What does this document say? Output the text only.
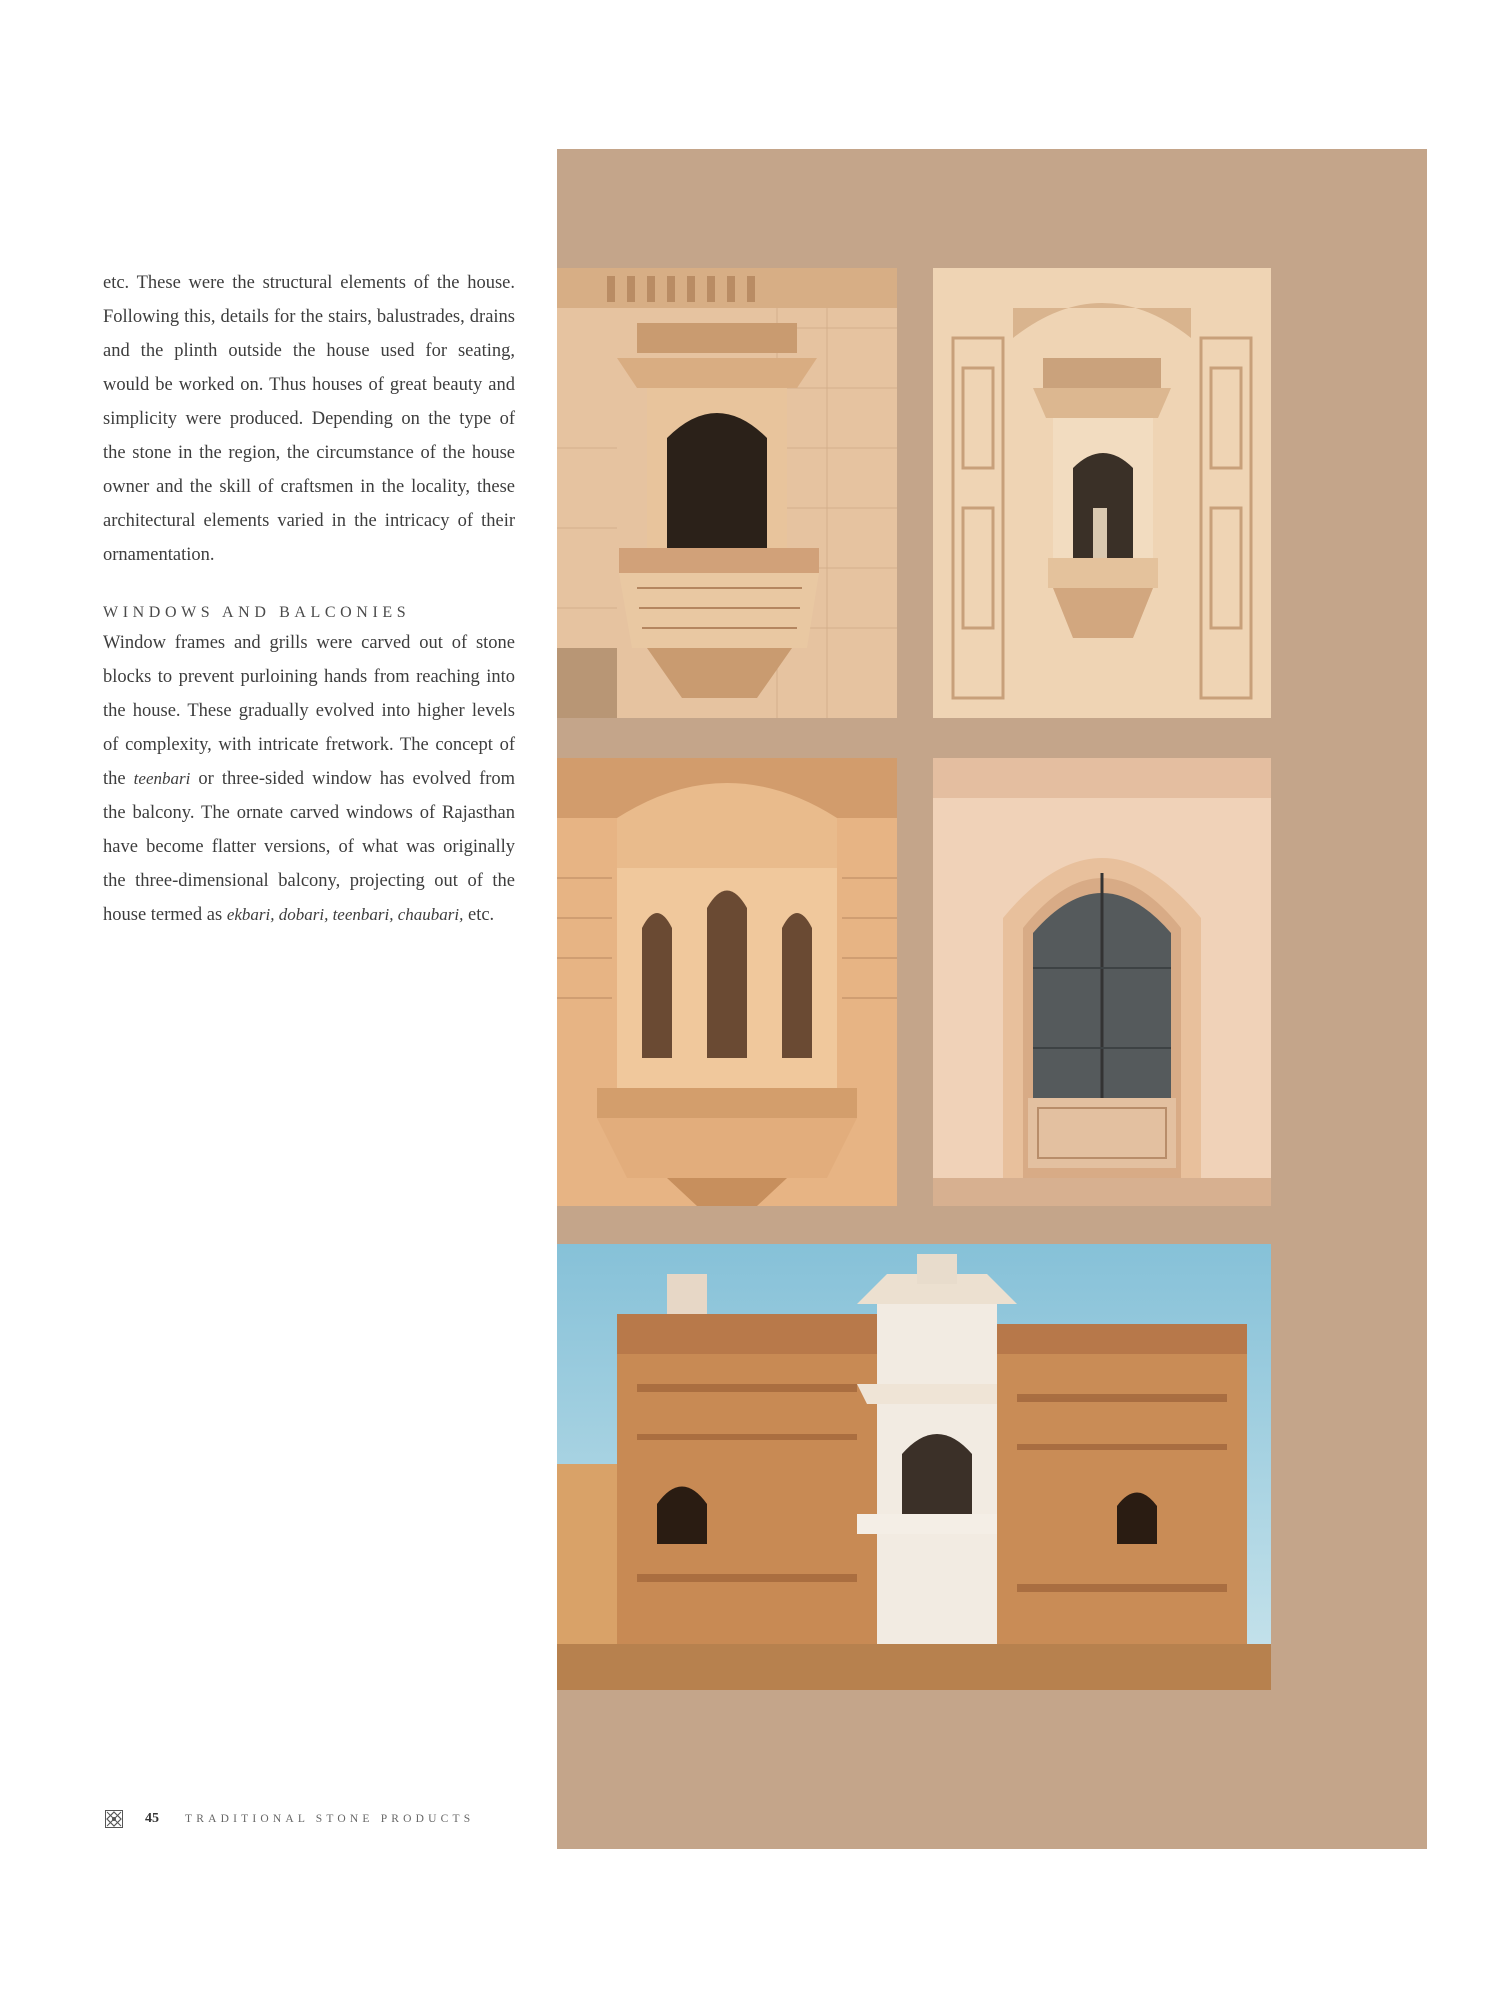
etc. These were the structural elements of the house. Following this, details for the stairs, balustrades, drains and the plinth outside the house used for seating, would be worked on. Thus houses of great beauty and simplicity were produced. Depending on the type of the stone in the region, the circumstance of the house owner and the skill of craftsmen in the locality, these architectural elements varied in the intricacy of their ornamentation.

WINDOWS AND BALCONIES

Window frames and grills were carved out of stone blocks to prevent purloining hands from reaching into the house. These gradually evolved into higher levels of complexity, with intricate fretwork. The concept of the teenbari or three-sided window has evolved from the balcony. The ornate carved windows of Rajasthan have become flatter versions, of what was originally the three-dimensional balcony, projecting out of the house termed as ekbari, dobari, teenbari, chaubari, etc.

45 TRADITIONAL STONE PRODUCTS
